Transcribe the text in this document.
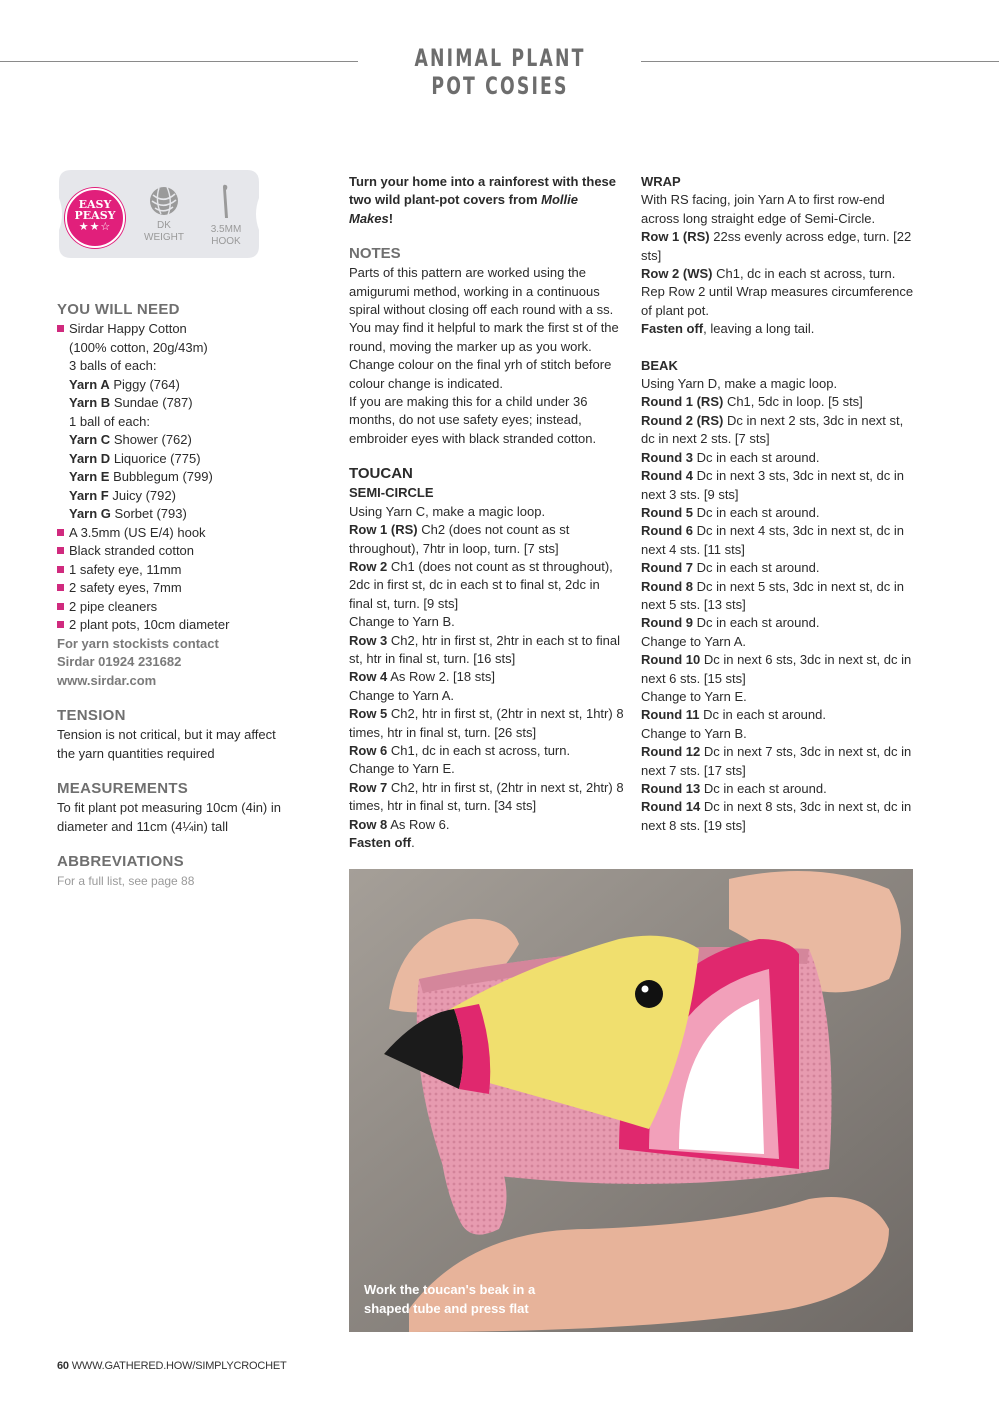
ANIMAL PLANT POT COSIES
EASY
PEASY
★★☆	DK
WEIGHT
3.5MM
HOOK
YOU WILL NEED
Sirdar Happy Cotton
(100% cotton, 20g/43m)
3 balls of each:
Yarn A Piggy (764)
Yarn B Sundae (787)
1 ball of each:
Yarn C Shower (762)
Yarn D Liquorice (775)
Yarn E Bubblegum (799)
Yarn F Juicy (792)
Yarn G Sorbet (793)
A 3.5mm (US E/4) hook
Black stranded cotton
1 safety eye, 11mm
2 safety eyes, 7mm
2 pipe cleaners
2 plant pots, 10cm diameter

For yarn stockists contact

Sirdar 01924 231682

www.sirdar.com

TENSION

Tension is not critical, but it may affect the yarn quantities required

MEASUREMENTS

To fit plant pot measuring 10cm (4in) in diameter and 11cm (4¼in) tall

ABBREVIATIONS

For a full list, see page 88

Turn your home into a rainforest with these two wild plant-pot covers from Mollie Makes!

NOTES

Parts of this pattern are worked using the amigurumi method, working in a continuous spiral without closing off each round with a ss. You may find it helpful to mark the first st of the round, moving the marker up as you work. Change colour on the final yrh of stitch before colour change is indicated.

If you are making this for a child under 36 months, do not use safety eyes; instead, embroider eyes with black stranded cotton.

TOUCAN

SEMI-CIRCLE

Using Yarn C, make a magic loop.

Row 1 (RS) Ch2 (does not count as st throughout), 7htr in loop, turn. [7 sts]

Row 2 Ch1 (does not count as st throughout), 2dc in first st, dc in each st to final st, 2dc in final st, turn. [9 sts]

Change to Yarn B.

Row 3 Ch2, htr in first st, 2htr in each st to final st, htr in final st, turn. [16 sts]

Row 4 As Row 2. [18 sts]

Change to Yarn A.

Row 5 Ch2, htr in first st, (2htr in next st, 1htr) 8 times, htr in final st, turn. [26 sts]

Row 6 Ch1, dc in each st across, turn.

Change to Yarn E.

Row 7 Ch2, htr in first st, (2htr in next st, 2htr) 8 times, htr in final st, turn. [34 sts]

Row 8 As Row 6.

Fasten off.

WRAP

With RS facing, join Yarn A to first row-end across long straight edge of Semi-Circle.

Row 1 (RS) 22ss evenly across edge, turn. [22 sts]

Row 2 (WS) Ch1, dc in each st across, turn.

Rep Row 2 until Wrap measures circumference of plant pot.

Fasten off, leaving a long tail.

BEAK

Using Yarn D, make a magic loop.

Round 1 (RS) Ch1, 5dc in loop. [5 sts]

Round 2 (RS) Dc in next 2 sts, 3dc in next st, dc in next 2 sts. [7 sts]

Round 3 Dc in each st around.

Round 4 Dc in next 3 sts, 3dc in next st, dc in next 3 sts. [9 sts]

Round 5 Dc in each st around.

Round 6 Dc in next 4 sts, 3dc in next st, dc in next 4 sts. [11 sts]

Round 7 Dc in each st around.

Round 8 Dc in next 5 sts, 3dc in next st, dc in next 5 sts. [13 sts]

Round 9 Dc in each st around.

Change to Yarn A.

Round 10 Dc in next 6 sts, 3dc in next st, dc in next 6 sts. [15 sts]

Change to Yarn E.

Round 11 Dc in each st around.

Change to Yarn B.

Round 12 Dc in next 7 sts, 3dc in next st, dc in next 7 sts. [17 sts]

Round 13 Dc in each st around.

Round 14 Dc in next 8 sts, 3dc in next st, dc in next 8 sts. [19 sts]

Work the toucan's beak in a shaped tube and press flat
60 WWW.GATHERED.HOW/SIMPLYCROCHET
